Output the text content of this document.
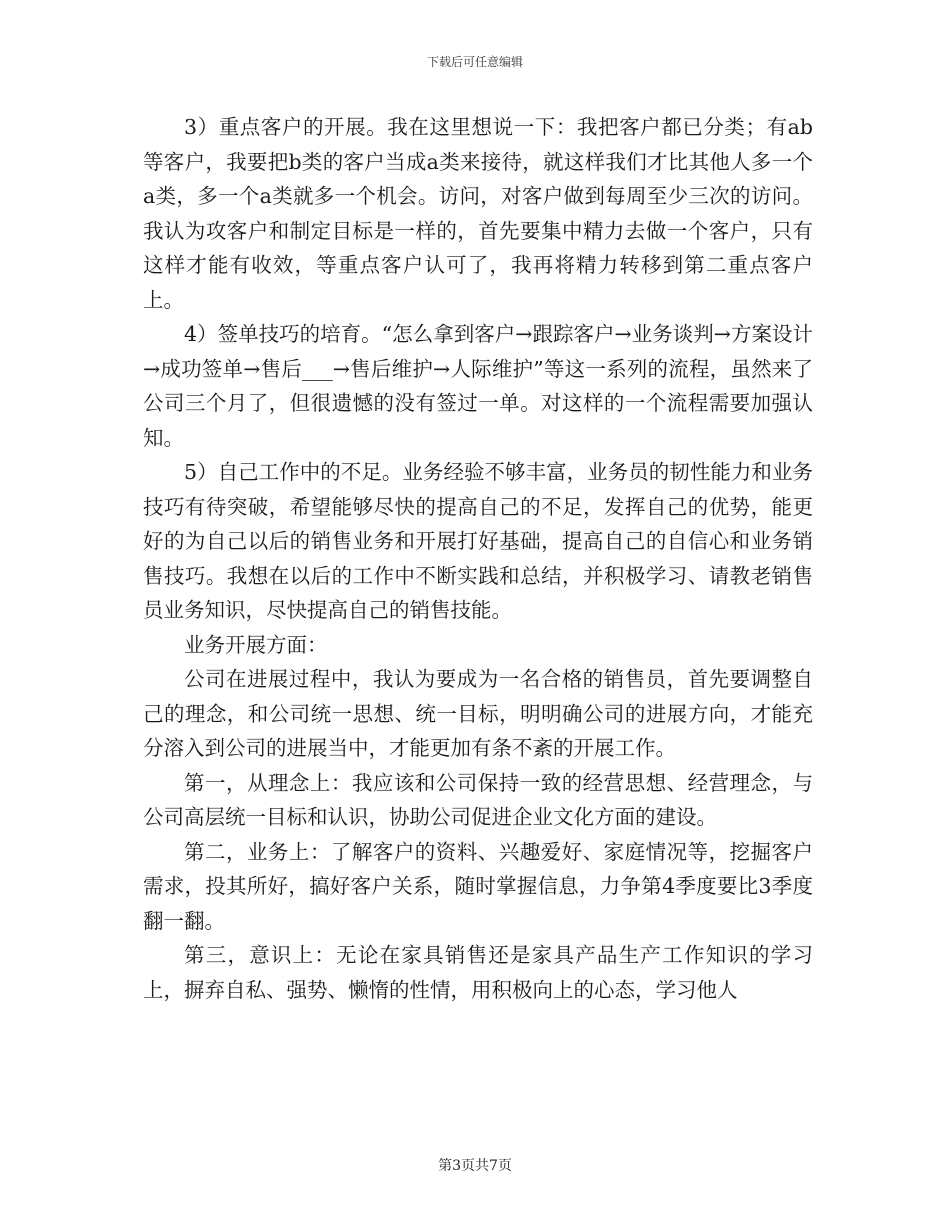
下载后可任意编辑

3）重点客户的开展。我在这里想说一下：我把客户都已分类；有ab等客户，我要把b类的客户当成a类来接待，就这样我们才比其他人多一个a类，多一个a类就多一个机会。访问，对客户做到每周至少三次的访问。我认为攻客户和制定目标是一样的，首先要集中精力去做一个客户，只有这样才能有收效，等重点客户认可了，我再将精力转移到第二重点客户上。

4）签单技巧的培育。“怎么拿到客户→跟踪客户→业务谈判→方案设计→成功签单→售后___→售后维护→人际维护”等这一系列的流程，虽然来了公司三个月了，但很遗憾的没有签过一单。对这样的一个流程需要加强认知。

5）自己工作中的不足。业务经验不够丰富，业务员的韧性能力和业务技巧有待突破，希望能够尽快的提高自己的不足，发挥自己的优势，能更好的为自己以后的销售业务和开展打好基础，提高自己的自信心和业务销售技巧。我想在以后的工作中不断实践和总结，并积极学习、请教老销售员业务知识，尽快提高自己的销售技能。

业务开展方面：

公司在进展过程中，我认为要成为一名合格的销售员，首先要调整自己的理念，和公司统一思想、统一目标，明明确公司的进展方向，才能充分溶入到公司的进展当中，才能更加有条不紊的开展工作。

第一，从理念上：我应该和公司保持一致的经营思想、经营理念，与公司高层统一目标和认识，协助公司促进企业文化方面的建设。

第二，业务上：了解客户的资料、兴趣爱好、家庭情况等，挖掘客户需求，投其所好，搞好客户关系，随时掌握信息，力争第4季度要比3季度翻一翻。

第三，意识上：无论在家具销售还是家具产品生产工作知识的学习上，摒弃自私、强势、懒惰的性情，用积极向上的心态，学习他人

第3页共7页
